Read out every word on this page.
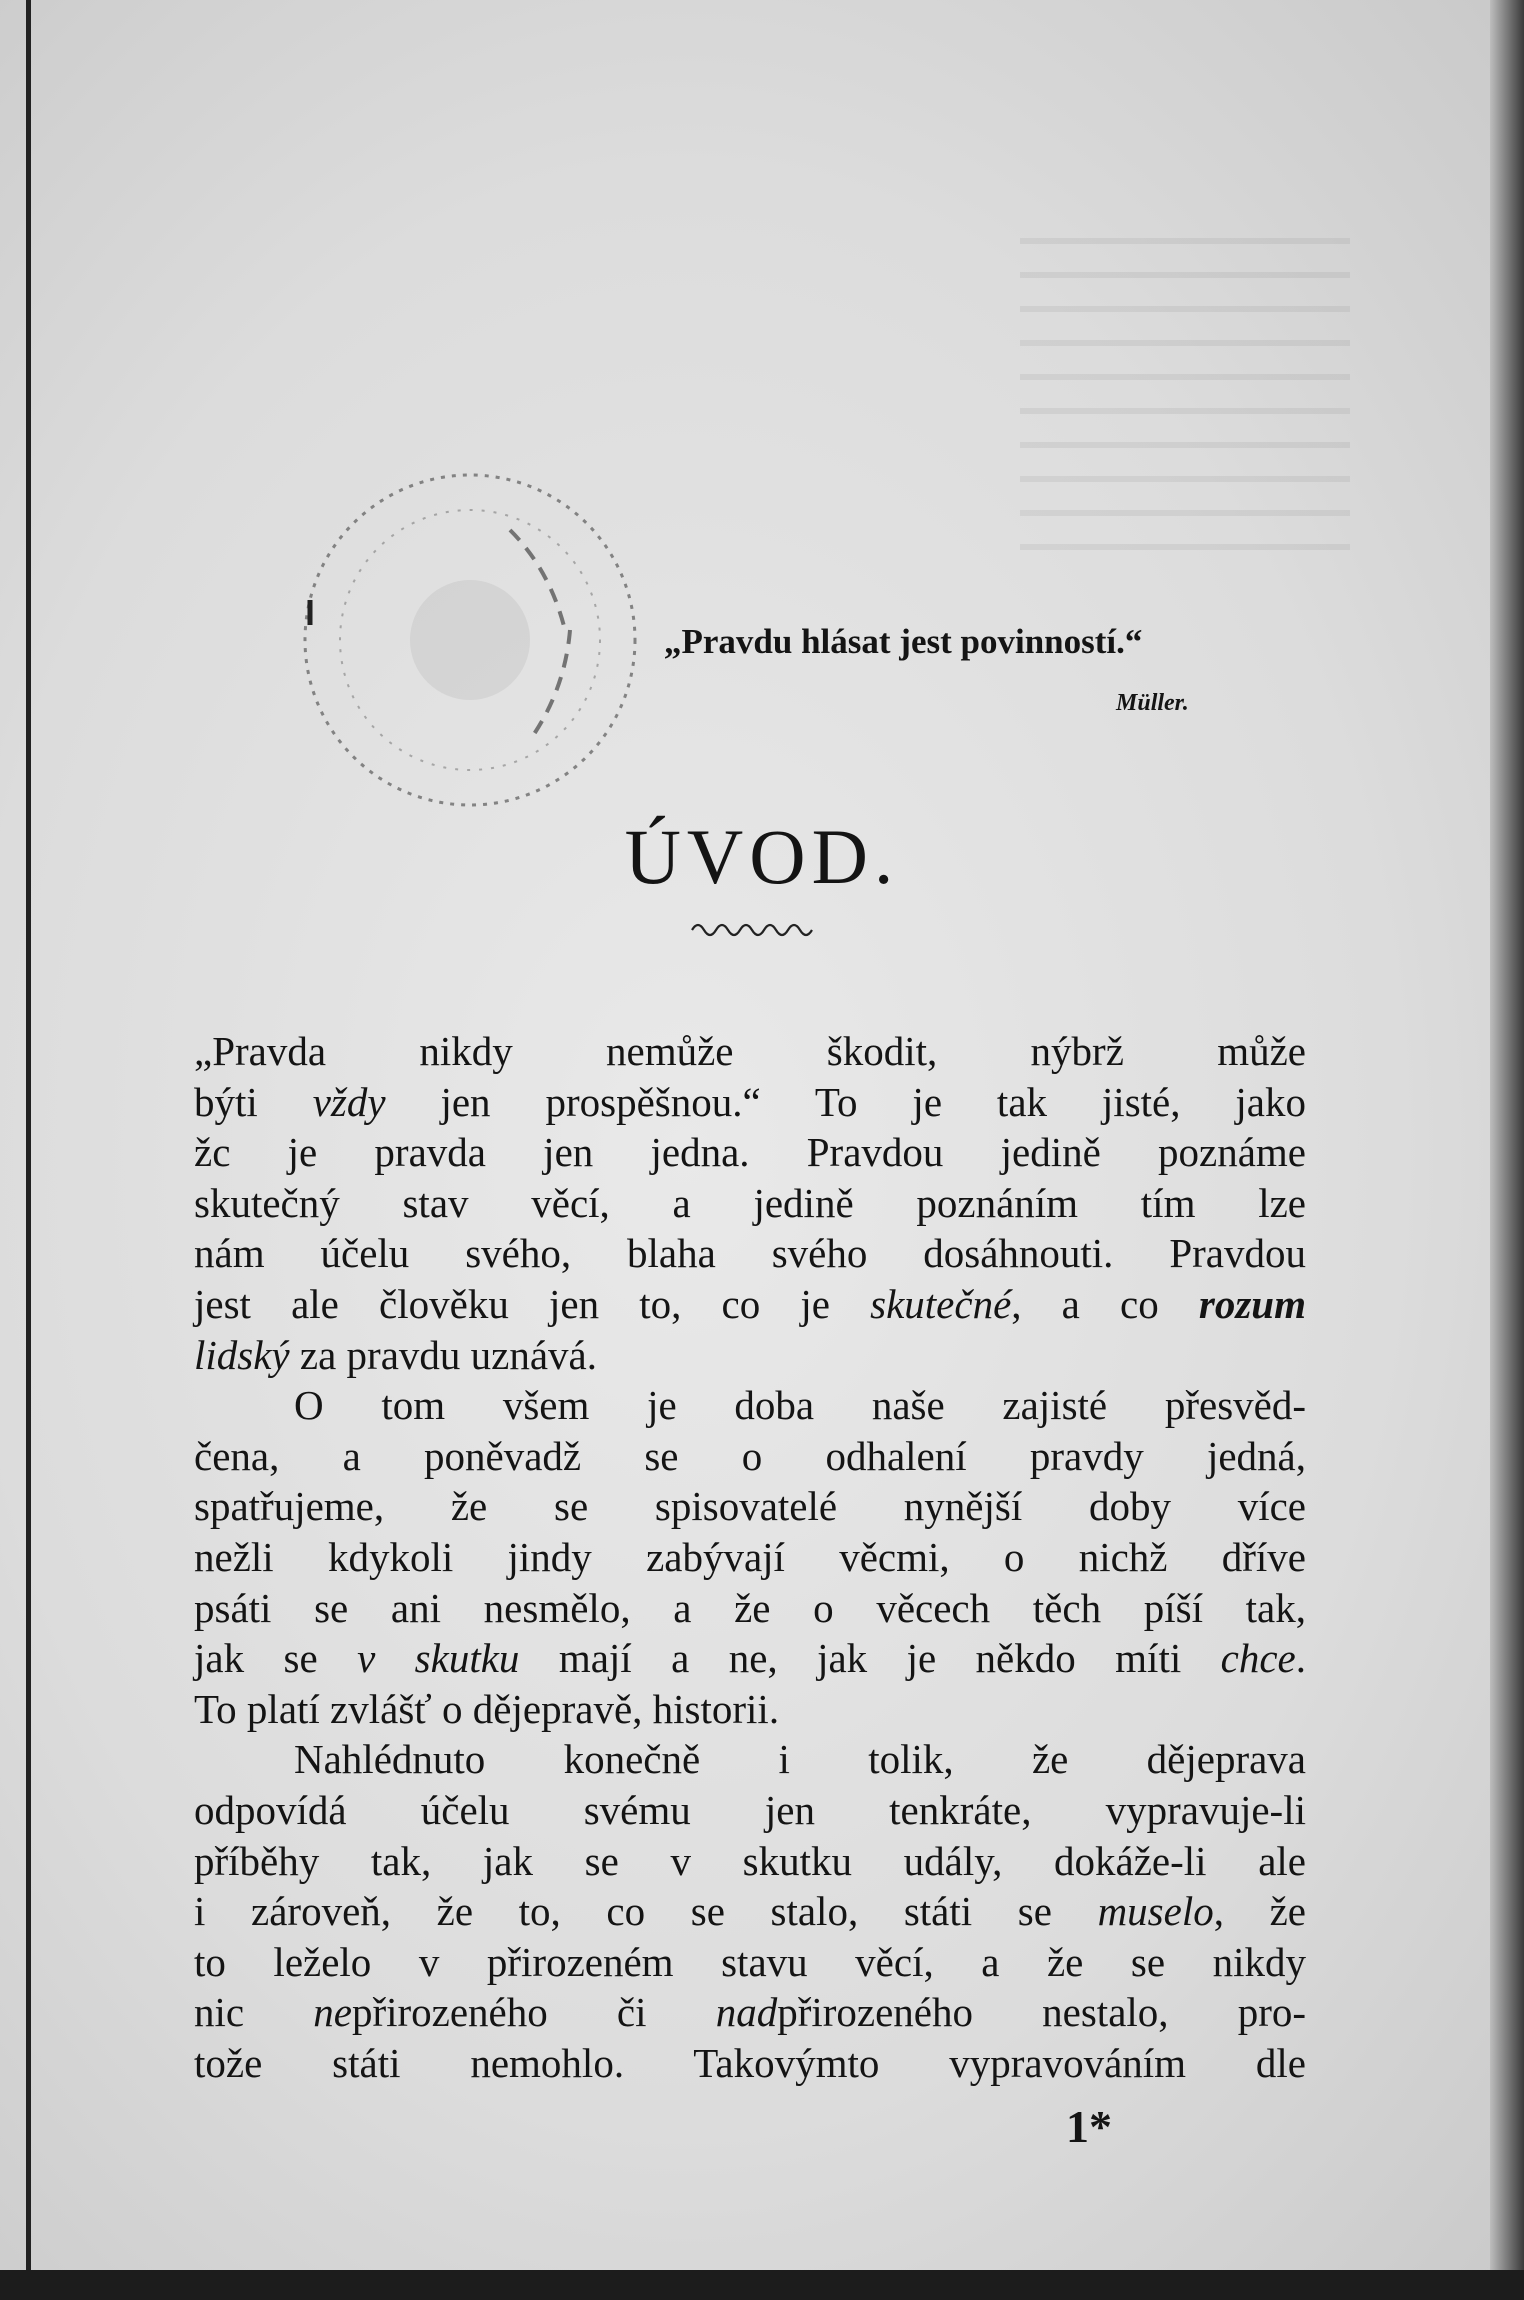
„Pravdu hlásat jest povinností.“
Müller.
ÚVOD.
„Pravda nikdy nemůže škodit, nýbrž může
býti vždy jen prospěšnou.“ To je tak jisté, jako
žc je pravda jen jedna. Pravdou jedině poznáme
skutečný stav věcí, a jedině poznáním tím lze
nám účelu svého, blaha svého dosáhnouti. Pravdou
jest ale člověku jen to, co je skutečné, a co rozum
lidský za pravdu uznává.
O tom všem je doba naše zajisté přesvěd-
čena, a poněvadž se o odhalení pravdy jedná,
spatřujeme, že se spisovatelé nynější doby více
nežli kdykoli jindy zabývají věcmi, o nichž dříve
psáti se ani nesmělo, a že o věcech těch píší tak,
jak se v skutku mají a ne, jak je někdo míti chce.
To platí zvlášť o dějepravě, historii.
Nahlédnuto konečně i tolik, že dějeprava
odpovídá účelu svému jen tenkráte, vypravuje-li
příběhy tak, jak se v skutku udály, dokáže-li ale
i zároveň, že to, co se stalo, státi se muselo, že
to leželo v přirozeném stavu věcí, a že se nikdy
nic nepřirozeného či nadpřirozeného nestalo, pro-
tože státi nemohlo. Takovýmto vypravováním dle
1*
